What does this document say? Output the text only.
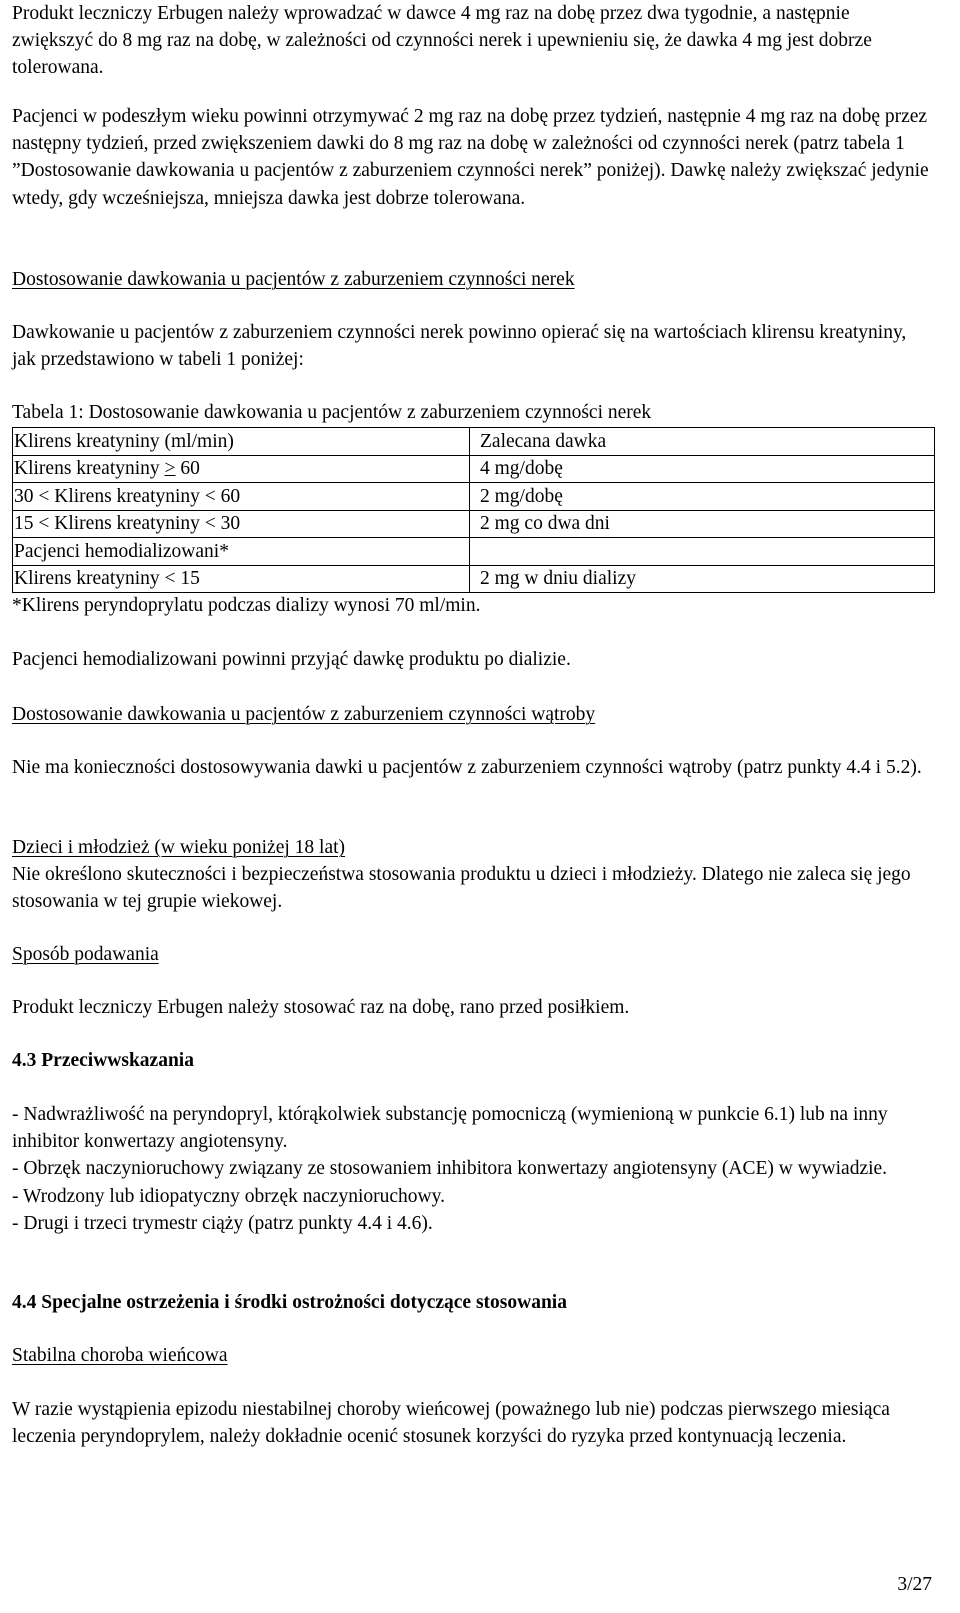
Produkt leczniczy Erbugen należy wprowadzać w dawce 4 mg raz na dobę przez dwa tygodnie, a następnie zwiększyć do 8 mg raz na dobę, w zależności od czynności nerek i upewnieniu się, że dawka 4 mg jest dobrze tolerowana.

Pacjenci w podeszłym wieku powinni otrzymywać 2 mg raz na dobę przez tydzień, następnie 4 mg raz na dobę przez następny tydzień, przed zwiększeniem dawki do 8 mg raz na dobę w zależności od czynności nerek (patrz tabela 1 ”Dostosowanie dawkowania u pacjentów z zaburzeniem czynności nerek” poniżej). Dawkę należy zwiększać jedynie wtedy, gdy wcześniejsza, mniejsza dawka jest dobrze tolerowana.

Dostosowanie dawkowania u pacjentów z zaburzeniem czynności nerek

Dawkowanie u pacjentów z zaburzeniem czynności nerek powinno opierać się na wartościach klirensu kreatyniny, jak przedstawiono w tabeli 1 poniżej:

Tabela 1: Dostosowanie dawkowania u pacjentów z zaburzeniem czynności nerek

Klirens kreatyniny (ml/min)	Zalecana dawka
Klirens kreatyniny > 60	4 mg/dobę
30 < Klirens kreatyniny < 60	2 mg/dobę
15 < Klirens kreatyniny < 30	2 mg co dwa dni
Pacjenci hemodializowani*	
Klirens kreatyniny < 15	2 mg w dniu dializy

*Klirens peryndoprylatu podczas dializy wynosi 70 ml/min.

Pacjenci hemodializowani powinni przyjąć dawkę produktu po dializie.

Dostosowanie dawkowania u pacjentów z zaburzeniem czynności wątroby

Nie ma konieczności dostosowywania dawki u pacjentów z zaburzeniem czynności wątroby (patrz punkty 4.4 i 5.2).

Dzieci i młodzież (w wieku poniżej 18 lat)

Nie określono skuteczności i bezpieczeństwa stosowania produktu u dzieci i młodzieży. Dlatego nie zaleca się jego stosowania w tej grupie wiekowej.

Sposób podawania

Produkt leczniczy Erbugen należy stosować raz na dobę, rano przed posiłkiem.

4.3 Przeciwwskazania

- Nadwrażliwość na peryndopryl, którąkolwiek substancję pomocniczą (wymienioną w punkcie 6.1) lub na inny inhibitor konwertazy angiotensyny.
- Obrzęk naczynioruchowy związany ze stosowaniem inhibitora konwertazy angiotensyny (ACE) w wywiadzie.
- Wrodzony lub idiopatyczny obrzęk naczynioruchowy.
- Drugi i trzeci trymestr ciąży (patrz punkty 4.4 i 4.6).

4.4 Specjalne ostrzeżenia i środki ostrożności dotyczące stosowania

Stabilna choroba wieńcowa

W razie wystąpienia epizodu niestabilnej choroby wieńcowej (poważnego lub nie) podczas pierwszego miesiąca leczenia peryndoprylem, należy dokładnie ocenić stosunek korzyści do ryzyka przed kontynuacją leczenia.

3/27
